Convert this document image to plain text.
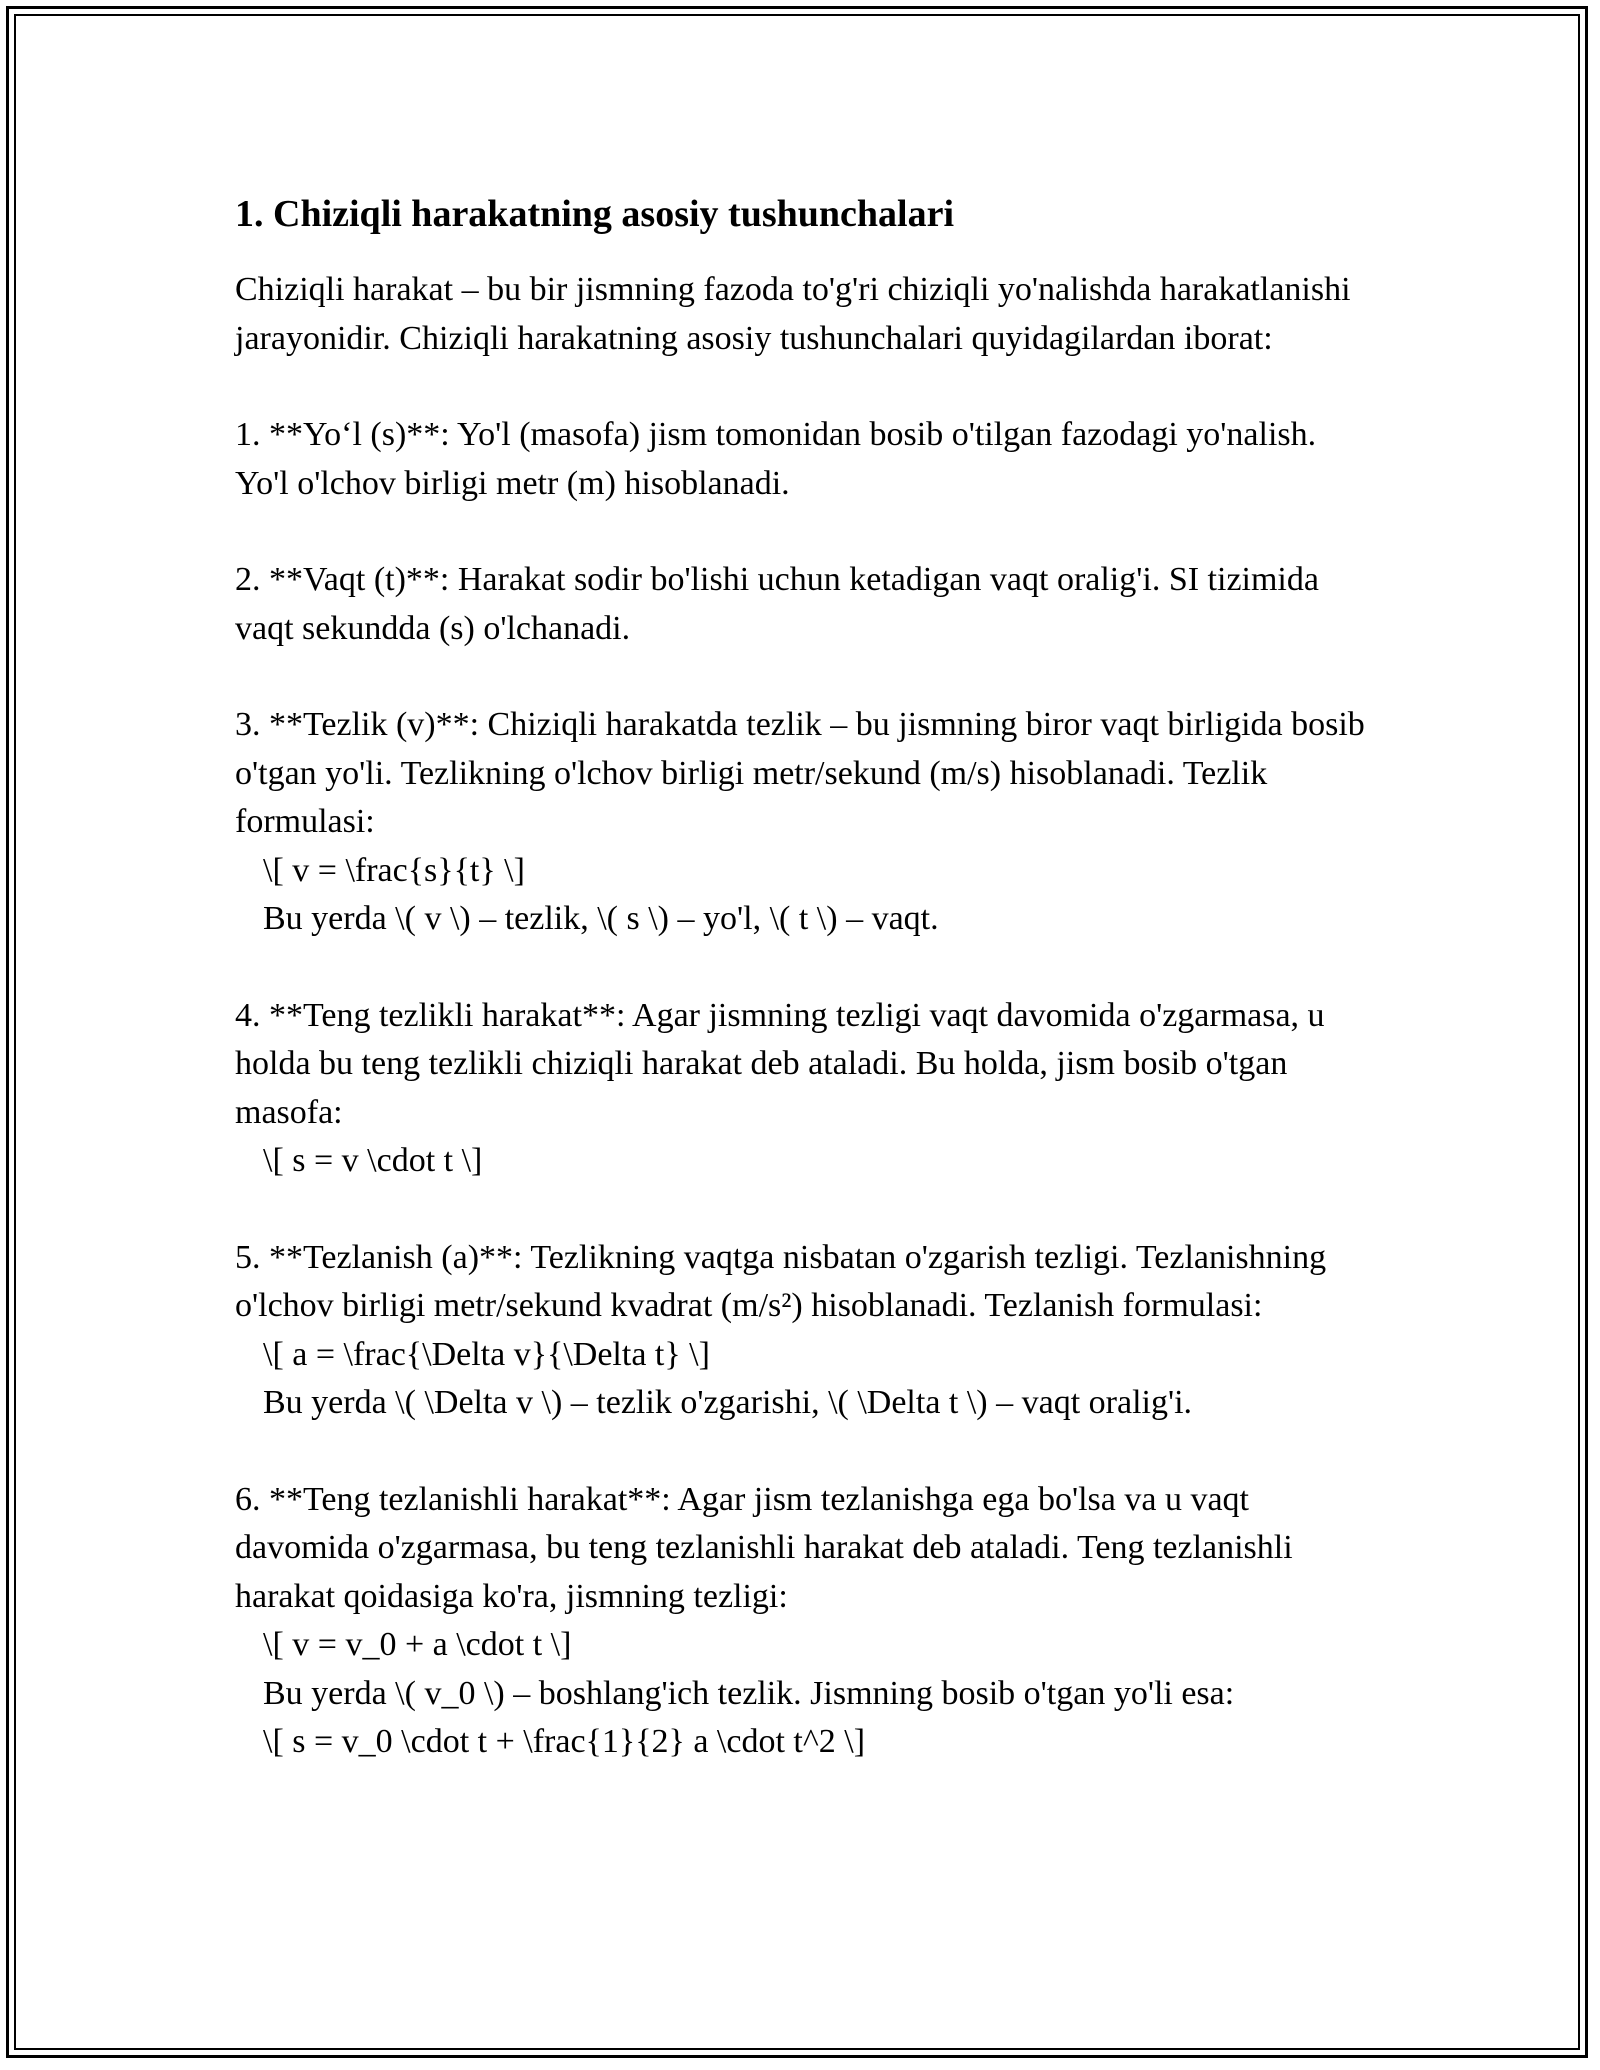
1. Chiziqli harakatning asosiy tushunchalari

Chiziqli harakat – bu bir jismning fazoda to'g'ri chiziqli yo'nalishda harakatlanishi jarayonidir. Chiziqli harakatning asosiy tushunchalari quyidagilardan iborat:

1. **Yo‘l (s)**: Yo'l (masofa) jism tomonidan bosib o'tilgan fazodagi yo'nalish. Yo'l o'lchov birligi metr (m) hisoblanadi.

2. **Vaqt (t)**: Harakat sodir bo'lishi uchun ketadigan vaqt oralig'i. SI tizimida vaqt sekundda (s) o'lchanadi.

3. **Tezlik (v)**: Chiziqli harakatda tezlik – bu jismning biror vaqt birligida bosib o'tgan yo'li. Tezlikning o'lchov birligi metr/sekund (m/s) hisoblanadi. Tezlik formulasi:

\[ v = \frac{s}{t} \]

Bu yerda \( v \) – tezlik, \( s \) – yo'l, \( t \) – vaqt.

4. **Teng tezlikli harakat**: Agar jismning tezligi vaqt davomida o'zgarmasa, u holda bu teng tezlikli chiziqli harakat deb ataladi. Bu holda, jism bosib o'tgan masofa:

\[ s = v \cdot t \]

5. **Tezlanish (a)**: Tezlikning vaqtga nisbatan o'zgarish tezligi. Tezlanishning o'lchov birligi metr/sekund kvadrat (m/s²) hisoblanadi. Tezlanish formulasi:

\[ a = \frac{\Delta v}{\Delta t} \]

Bu yerda \( \Delta v \) – tezlik o'zgarishi, \( \Delta t \) – vaqt oralig'i.

6. **Teng tezlanishli harakat**: Agar jism tezlanishga ega bo'lsa va u vaqt davomida o'zgarmasa, bu teng tezlanishli harakat deb ataladi. Teng tezlanishli harakat qoidasiga ko'ra, jismning tezligi:

\[ v = v_0 + a \cdot t \]

Bu yerda \( v_0 \) – boshlang'ich tezlik. Jismning bosib o'tgan yo'li esa:

\[ s = v_0 \cdot t + \frac{1}{2} a \cdot t^2 \]
